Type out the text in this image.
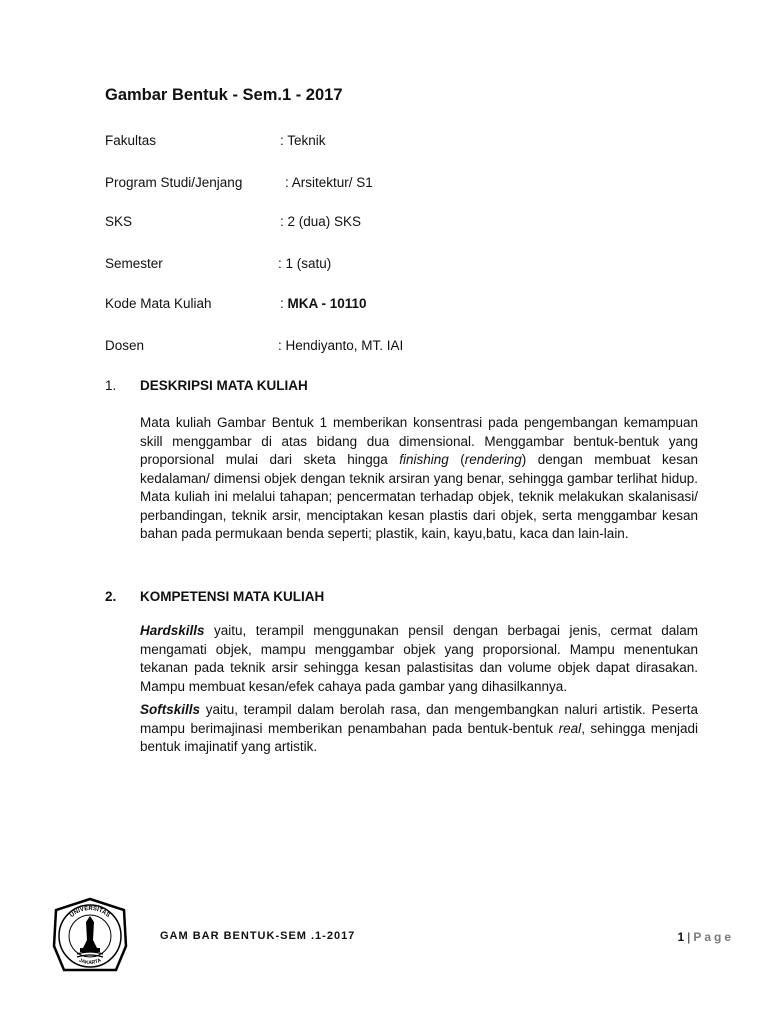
Gambar Bentuk - Sem.1 - 2017
Fakultas	: Teknik
Program Studi/Jenjang	: Arsitektur/ S1
SKS	: 2 (dua) SKS
Semester	: 1 (satu)
Kode Mata Kuliah	: MKA - 10110
Dosen	: Hendiyanto, MT. IAI
1. DESKRIPSI MATA KULIAH
Mata kuliah Gambar Bentuk 1 memberikan konsentrasi pada pengembangan kemampuan skill menggambar di atas bidang dua dimensional. Menggambar bentuk-bentuk yang proporsional mulai dari sketa hingga finishing (rendering) dengan membuat kesan kedalaman/ dimensi objek dengan teknik arsiran yang benar, sehingga gambar terlihat hidup. Mata kuliah ini melalui tahapan; pencermatan terhadap objek, teknik melakukan skalanisasi/ perbandingan, teknik arsir, menciptakan kesan plastis dari objek, serta menggambar kesan bahan pada permukaan benda seperti; plastik, kain, kayu,batu, kaca dan lain-lain.
2. KOMPETENSI MATA KULIAH
Hardskills yaitu, terampil menggunakan pensil dengan berbagai jenis, cermat dalam mengamati objek, mampu menggambar objek yang proporsional. Mampu menentukan tekanan pada teknik arsir sehingga kesan palastisitas dan volume objek dapat dirasakan. Mampu membuat kesan/efek cahaya pada gambar yang dihasilkannya.
Softskills yaitu, terampil dalam berolah rasa, dan mengembangkan naluri artistik. Peserta mampu berimajinasi memberikan penambahan pada bentuk-bentuk real, sehingga menjadi bentuk imajinatif yang artistik.
UNIVERSITAS
JAKARTA
GAM BAR BENTUK-SEM .1-2017	1 | Page
